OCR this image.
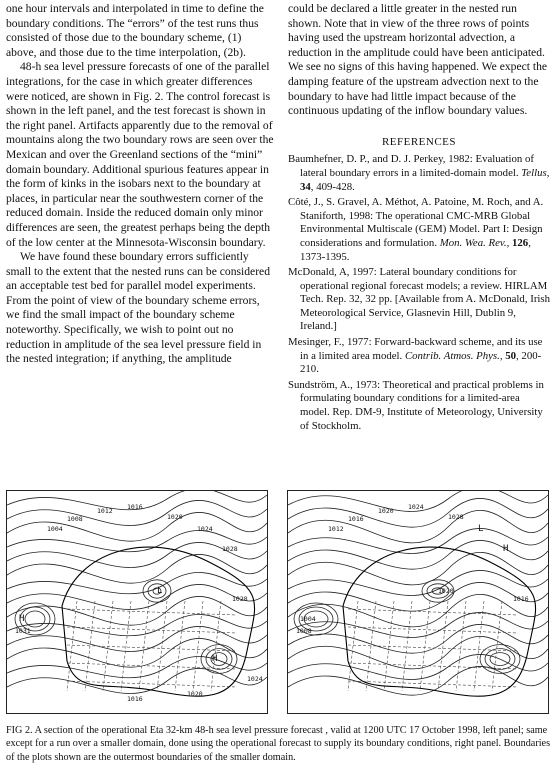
one hour intervals and interpolated in time to define the boundary conditions. The “errors” of the test runs thus consisted of those due to the boundary scheme, (1) above, and those due to the time interpolation, (2b).

48-h sea level pressure forecasts of one of the parallel integrations, for the case in which greater differences were noticed, are shown in Fig. 2. The control forecast is shown in the left panel, and the test forecast is shown in the right panel. Artifacts apparently due to the removal of mountains along the two boundary rows are seen over the Mexican and over the Greenland sections of the “mini” domain boundary. Additional spurious features appear in the form of kinks in the isobars next to the boundary at places, in particular near the southwestern corner of the reduced domain. Inside the reduced domain only minor differences are seen, the greatest perhaps being the depth of the low center at the Minnesota-Wisconsin boundary.

We have found these boundary errors sufficiently small to the extent that the nested runs can be considered an acceptable test bed for parallel model experiments. From the point of view of the boundary scheme errors, we find the small impact of the boundary scheme noteworthy. Specifically, we wish to point out no reduction in amplitude of the sea level pressure field in the nested integration; if anything, the amplitude

could be declared a little greater in the nested run shown. Note that in view of the three rows of points having used the upstream horizontal advection, a reduction in the amplitude could have been anticipated. We see no signs of this having happened. We expect the damping feature of the upstream advection next to the boundary to have had little impact because of the continuous updating of the inflow boundary values.

REFERENCES
Baumhefner, D. P., and D. J. Perkey, 1982: Evaluation of lateral boundary errors in a limited-domain model. Tellus, 34, 409-428.
Côté, J., S. Gravel, A. Méthot, A. Patoine, M. Roch, and A. Staniforth, 1998: The operational CMC-MRB Global Environmental Multiscale (GEM) Model. Part I: Design considerations and formulation. Mon. Wea. Rev., 126, 1373-1395.
McDonald, A, 1997: Lateral boundary conditions for operational regional forecast models; a review. HIRLAM Tech. Rep. 32, 32 pp. [Available from A. McDonald, Irish Meteorological Service, Glasnevin Hill, Dublin 9, Ireland.]
Mesinger, F., 1977: Forward-backward scheme, and its use in a limited area model. Contrib. Atmos. Phys., 50, 200-210.
Sundström, A., 1973: Theoretical and practical problems in formulating boundary conditions for a limited-area model. Rep. DM-9, Institute of Meteorology, University of Stockholm.
H
1031
1004
1008
1012 1016
1020
1024
1028
1028
L
H
1016
1020
1024
1004
1008
1012
1016
1020 1024
1028
L
H
1016
1020
FIG 2. A section of the operational Eta 32-km 48-h sea level pressure forecast , valid at 1200 UTC 17 October 1998, left panel; same except for a run over a smaller domain, done using the operational forecast to supply its boundary conditions, right panel. Boundaries of the plots shown are the outermost boundaries of the smaller domain.
